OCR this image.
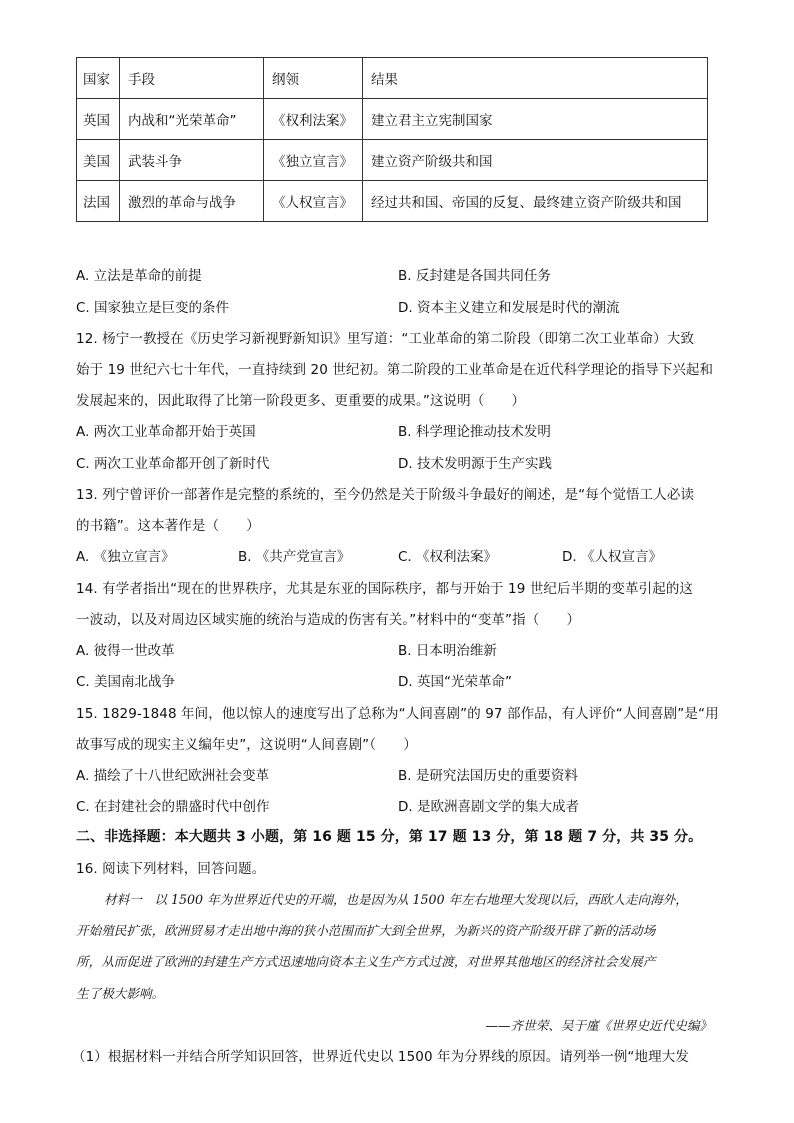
国家	手段	纲领	结果
英国	内战和“光荣革命”	《权利法案》	建立君主立宪制国家
美国	武装斗争	《独立宣言》	建立资产阶级共和国
法国	激烈的革命与战争	《人权宣言》	经过共和国、帝国的反复、最终建立资产阶级共和国
A. 立法是革命的前提	B. 反封建是各国共同任务
C. 国家独立是巨变的条件	D. 资本主义建立和发展是时代的潮流
12. 杨宁一教授在《历史学习新视野新知识》里写道：“工业革命的第二阶段（即第二次工业革命）大致
始于 19 世纪六七十年代，一直持续到 20 世纪初。第二阶段的工业革命是在近代科学理论的指导下兴起和
发展起来的，因此取得了比第一阶段更多、更重要的成果。”这说明（　　）
A. 两次工业革命都开始于英国	B. 科学理论推动技术发明
C. 两次工业革命都开创了新时代	D. 技术发明源于生产实践
13. 列宁曾评价一部著作是完整的系统的，至今仍然是关于阶级斗争最好的阐述，是“每个觉悟工人必读
的书籍”。这本著作是（　　）
A. 《独立宣言》	B. 《共产党宣言》	C. 《权利法案》	D. 《人权宣言》
14. 有学者指出“现在的世界秩序，尤其是东亚的国际秩序，都与开始于 19 世纪后半期的变革引起的这
一波动，以及对周边区域实施的统治与造成的伤害有关。”材料中的“变革”指（　　）
A. 彼得一世改革	B. 日本明治维新
C. 美国南北战争	D. 英国“光荣革命”
15. 1829-1848 年间，他以惊人的速度写出了总称为“人间喜剧”的 97 部作品，有人评价“人间喜剧”是“用
故事写成的现实主义编年史”，这说明“人间喜剧”（　　）
A. 描绘了十八世纪欧洲社会变革	B. 是研究法国历史的重要资料
C. 在封建社会的鼎盛时代中创作	D. 是欧洲喜剧文学的集大成者
二、非选择题：本大题共 3 小题，第 16 题 15 分，第 17 题 13 分，第 18 题 7 分，共 35 分。
16. 阅读下列材料，回答问题。
材料一　以 1500 年为世界近代史的开端，也是因为从 1500 年左右地理大发现以后，西欧人走向海外，
开始殖民扩张，欧洲贸易才走出地中海的狭小范围而扩大到全世界，为新兴的资产阶级开辟了新的活动场
所，从而促进了欧洲的封建生产方式迅速地向资本主义生产方式过渡，对世界其他地区的经济社会发展产
生了极大影响。
——齐世荣、吴于廑《世界史近代史编》
（1）根据材料一并结合所学知识回答，世界近代史以 1500 年为分界线的原因。请列举一例“地理大发
